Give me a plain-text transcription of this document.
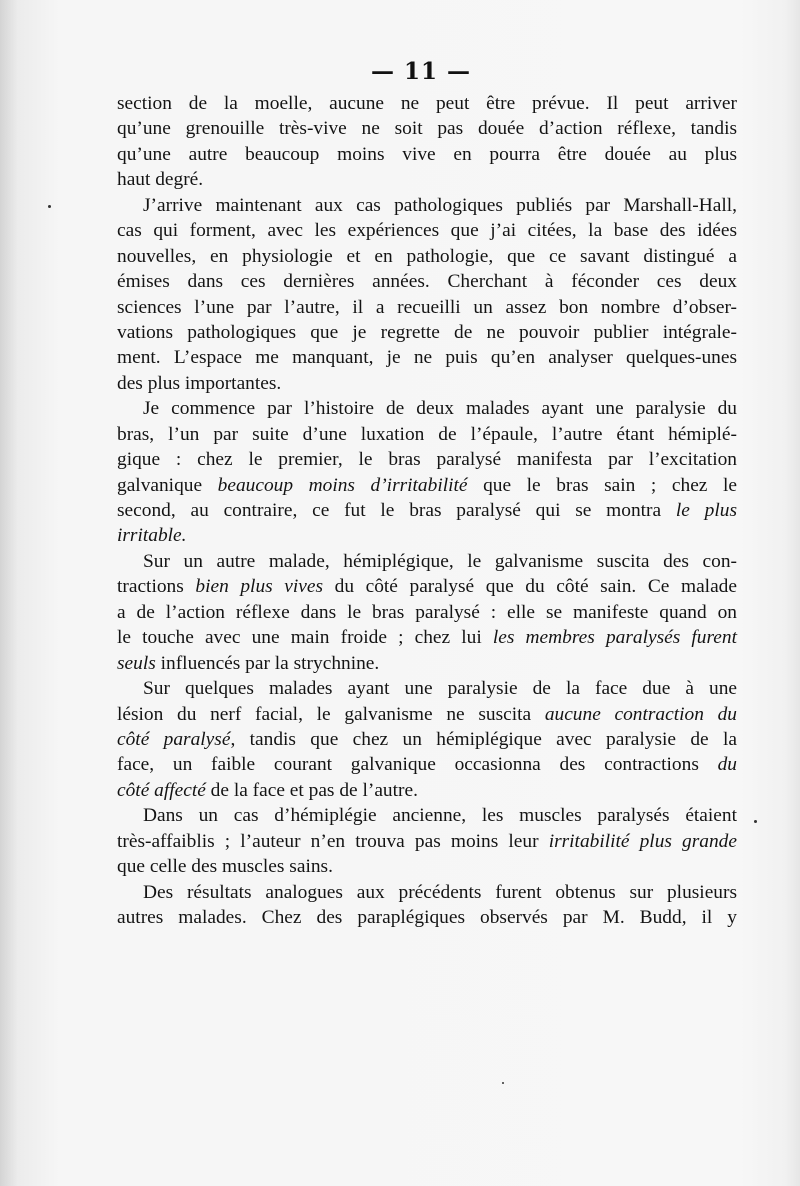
— 11 —
section de la moelle, aucune ne peut être prévue. Il peut arriver
qu’une grenouille très-vive ne soit pas douée d’action réflexe, tandis
qu’une autre beaucoup moins vive en pourra être douée au plus
haut degré.
J’arrive maintenant aux cas pathologiques publiés par Marshall-Hall,
cas qui forment, avec les expériences que j’ai citées, la base des idées
nouvelles, en physiologie et en pathologie, que ce savant distingué a
émises dans ces dernières années. Cherchant à féconder ces deux
sciences l’une par l’autre, il a recueilli un assez bon nombre d’obser-
vations pathologiques que je regrette de ne pouvoir publier intégrale-
ment. L’espace me manquant, je ne puis qu’en analyser quelques-unes
des plus importantes.
Je commence par l’histoire de deux malades ayant une paralysie du
bras, l’un par suite d’une luxation de l’épaule, l’autre étant hémiplé-
gique : chez le premier, le bras paralysé manifesta par l’excitation
galvanique beaucoup moins d’irritabilité que le bras sain ; chez le
second, au contraire, ce fut le bras paralysé qui se montra le plus
irritable.
Sur un autre malade, hémiplégique, le galvanisme suscita des con-
tractions bien plus vives du côté paralysé que du côté sain. Ce malade
a de l’action réflexe dans le bras paralysé : elle se manifeste quand on
le touche avec une main froide ; chez lui les membres paralysés furent
seuls influencés par la strychnine.
Sur quelques malades ayant une paralysie de la face due à une
lésion du nerf facial, le galvanisme ne suscita aucune contraction du
côté paralysé, tandis que chez un hémiplégique avec paralysie de la
face, un faible courant galvanique occasionna des contractions du
côté affecté de la face et pas de l’autre.
Dans un cas d’hémiplégie ancienne, les muscles paralysés étaient
très-affaiblis ; l’auteur n’en trouva pas moins leur irritabilité plus grande
que celle des muscles sains.
Des résultats analogues aux précédents furent obtenus sur plusieurs
autres malades. Chez des paraplégiques observés par M. Budd, il y
